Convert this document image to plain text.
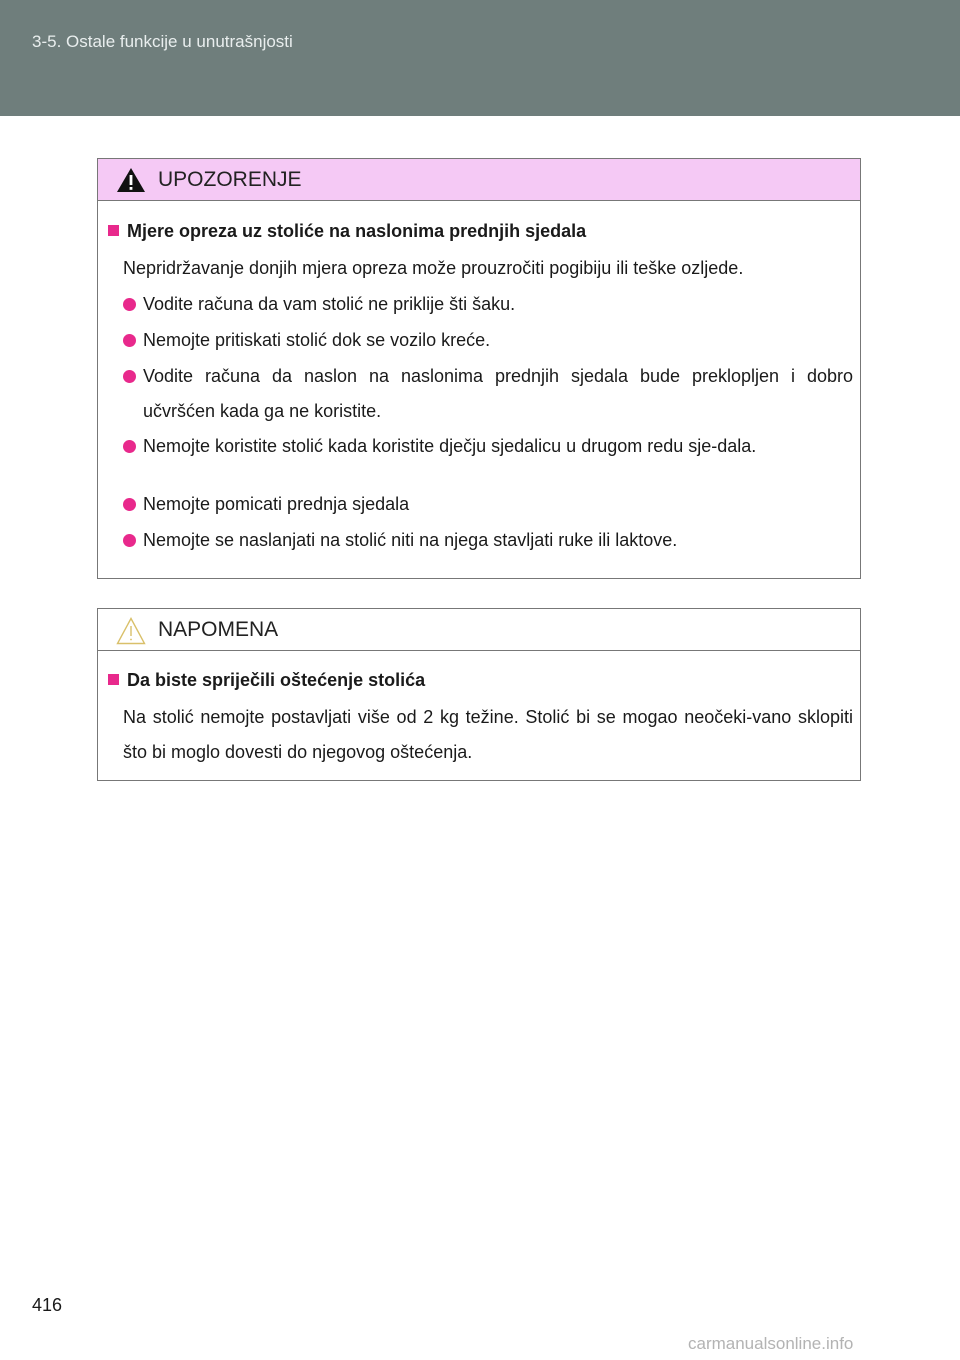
3-5. Ostale funkcije u unutrašnjosti
UPOZORENJE
Mjere opreza uz stoliće na naslonima prednjih sjedala
Nepridržavanje donjih mjera opreza može prouzročiti pogibiju ili teške ozljede.
Vodite računa da vam stolić ne priklije šti šaku.
Nemojte pritiskati stolić dok se vozilo kreće.
Vodite računa da naslon na naslonima prednjih sjedala bude preklopljen i dobro učvršćen kada ga ne koristite.
Nemojte koristite stolić kada koristite dječju sjedalicu u drugom redu sje-dala.
Nemojte pomicati prednja sjedala
Nemojte se naslanjati na stolić niti na njega stavljati ruke ili laktove.
NAPOMENA
Da biste spriječili oštećenje stolića
Na stolić nemojte postavljati više od 2 kg težine. Stolić bi se mogao neočeki-vano sklopiti što bi moglo dovesti do njegovog oštećenja.
416
carmanualsonline.info
